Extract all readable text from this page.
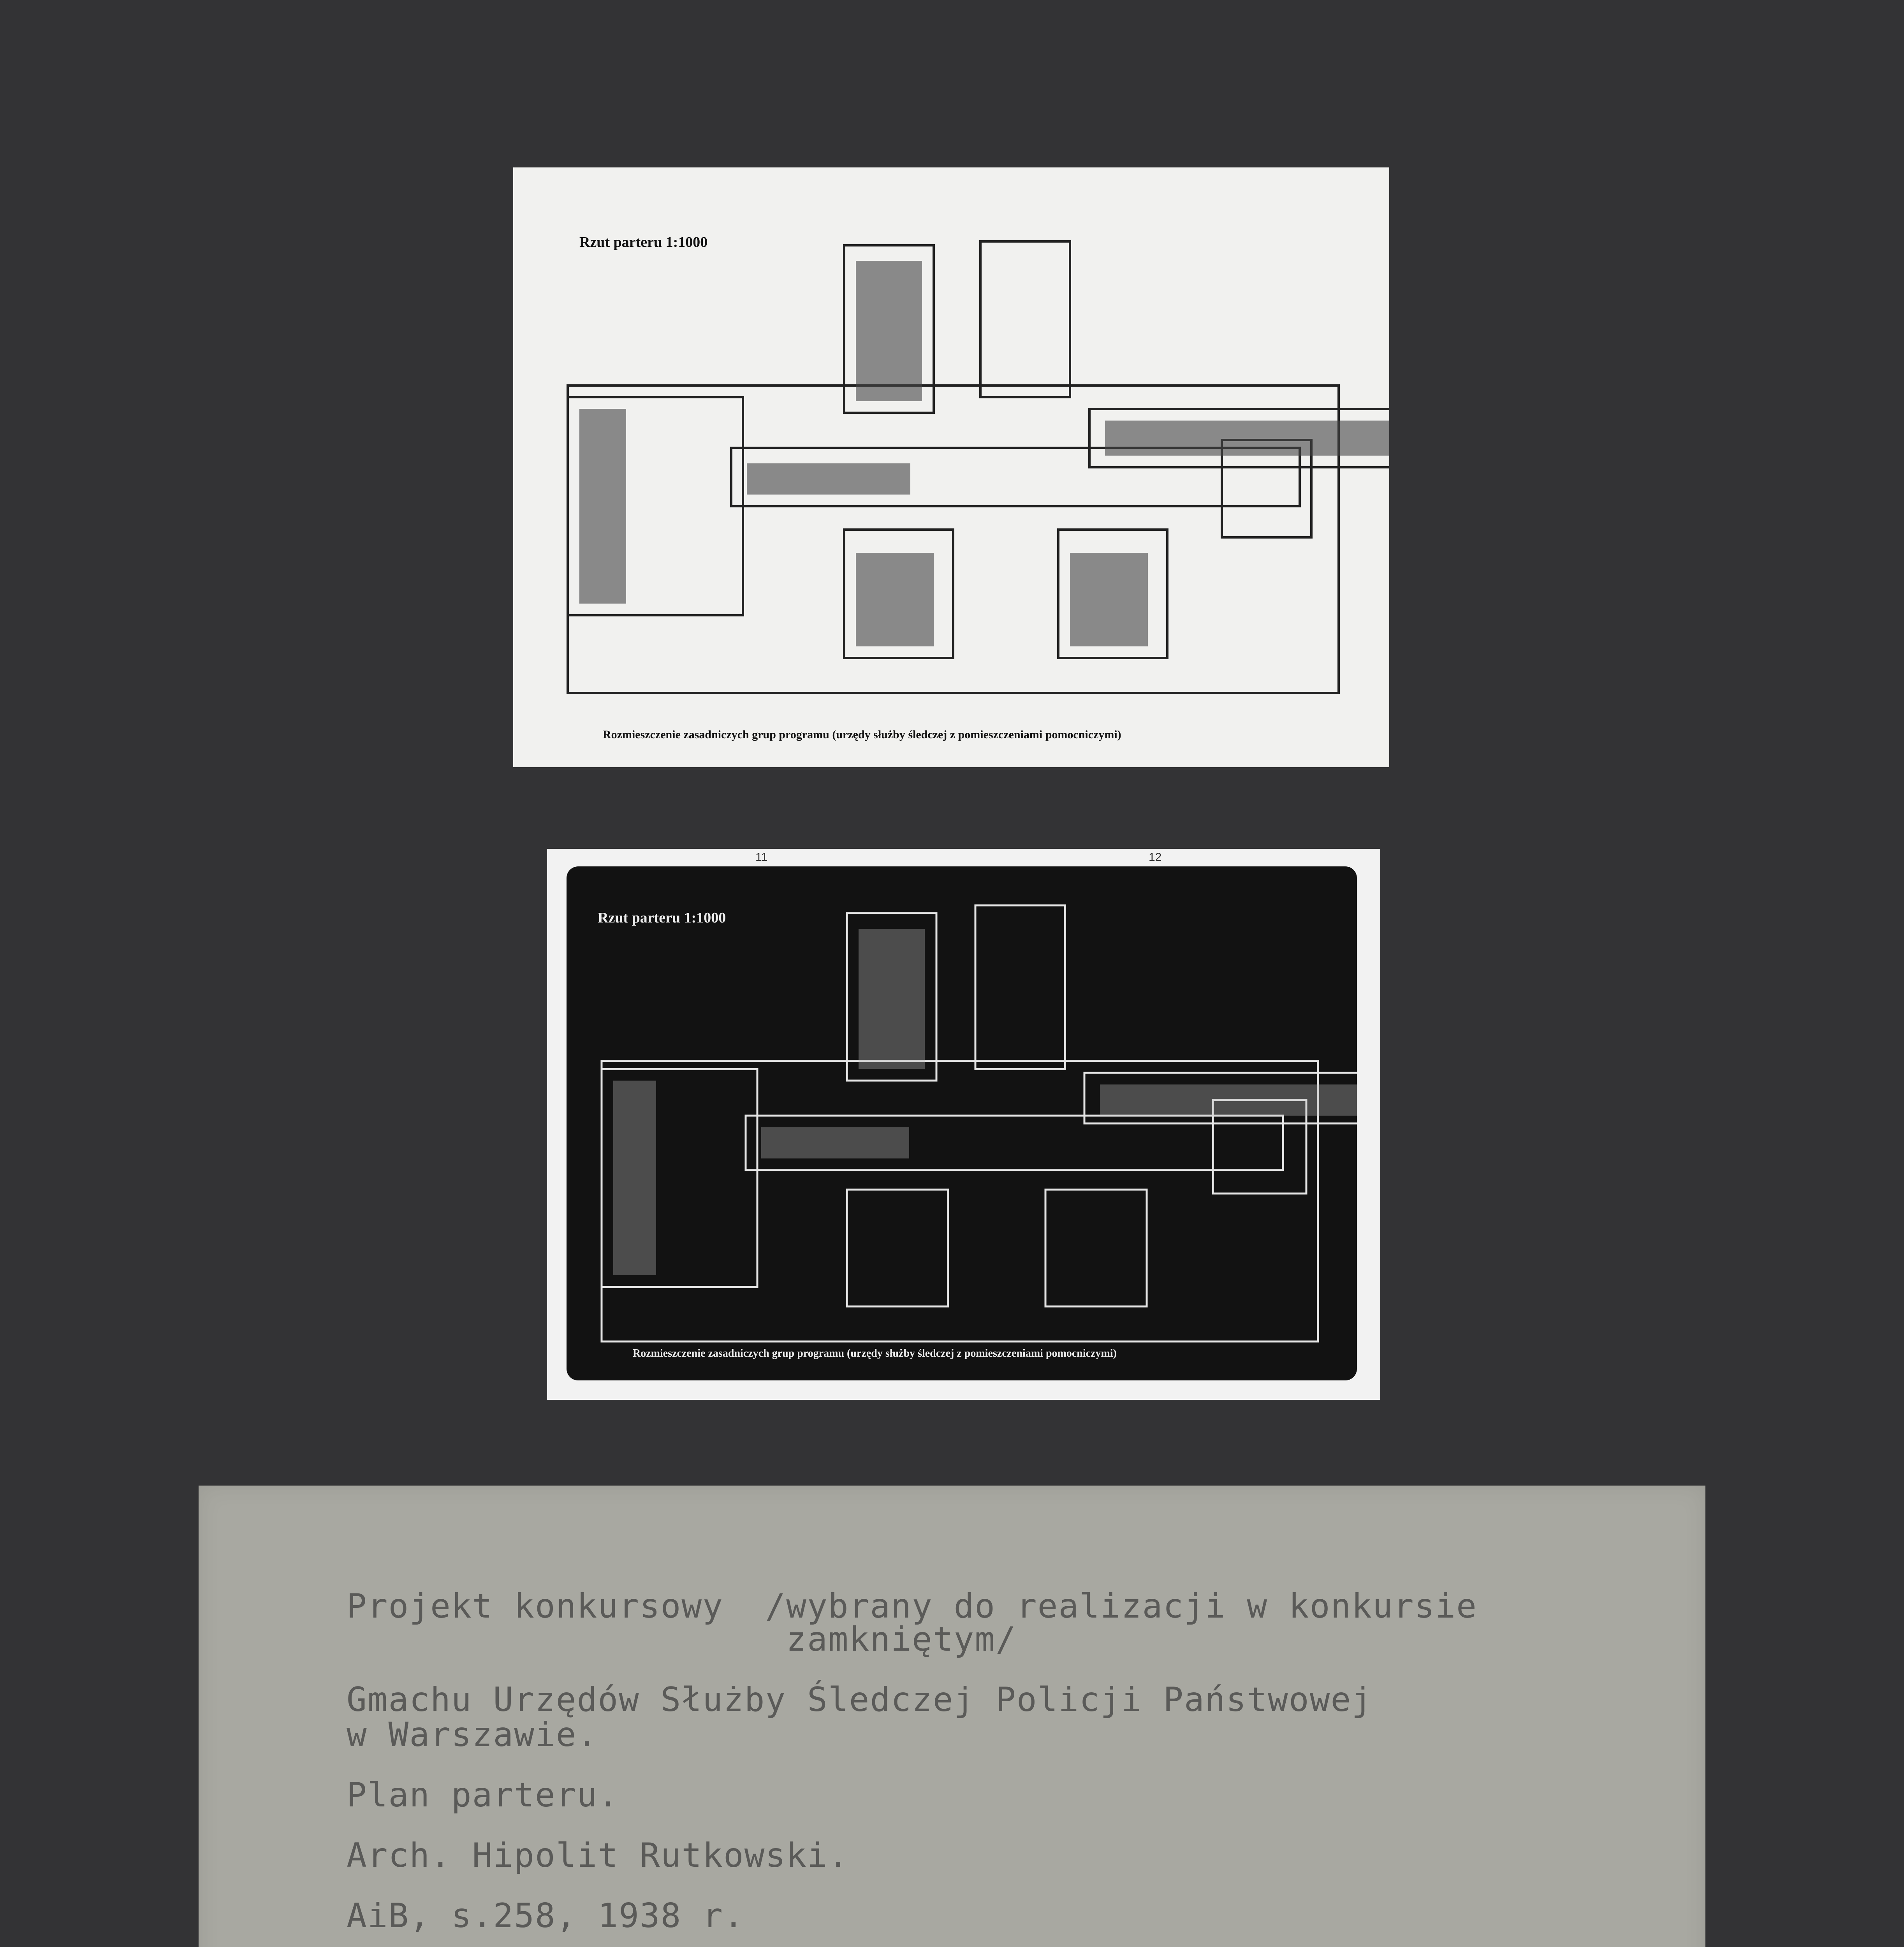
Rzut parteru 1:1000
Rozmieszczenie zasadniczych grup programu (urzędy służby śledczej z pomieszczeniami pomocniczymi)
11	12
Rzut parteru 1:1000
Rozmieszczenie zasadniczych grup programu (urzędy służby śledczej z pomieszczeniami pomocniczymi)
Projekt konkursowy  /wybrany do realizacji w konkursie
zamkniętym/
Gmachu Urzędów Służby Śledczej Policji Państwowej
w Warszawie.
Plan parteru.
Arch. Hipolit Rutkowski.
AiB, s.258, 1938 r.
